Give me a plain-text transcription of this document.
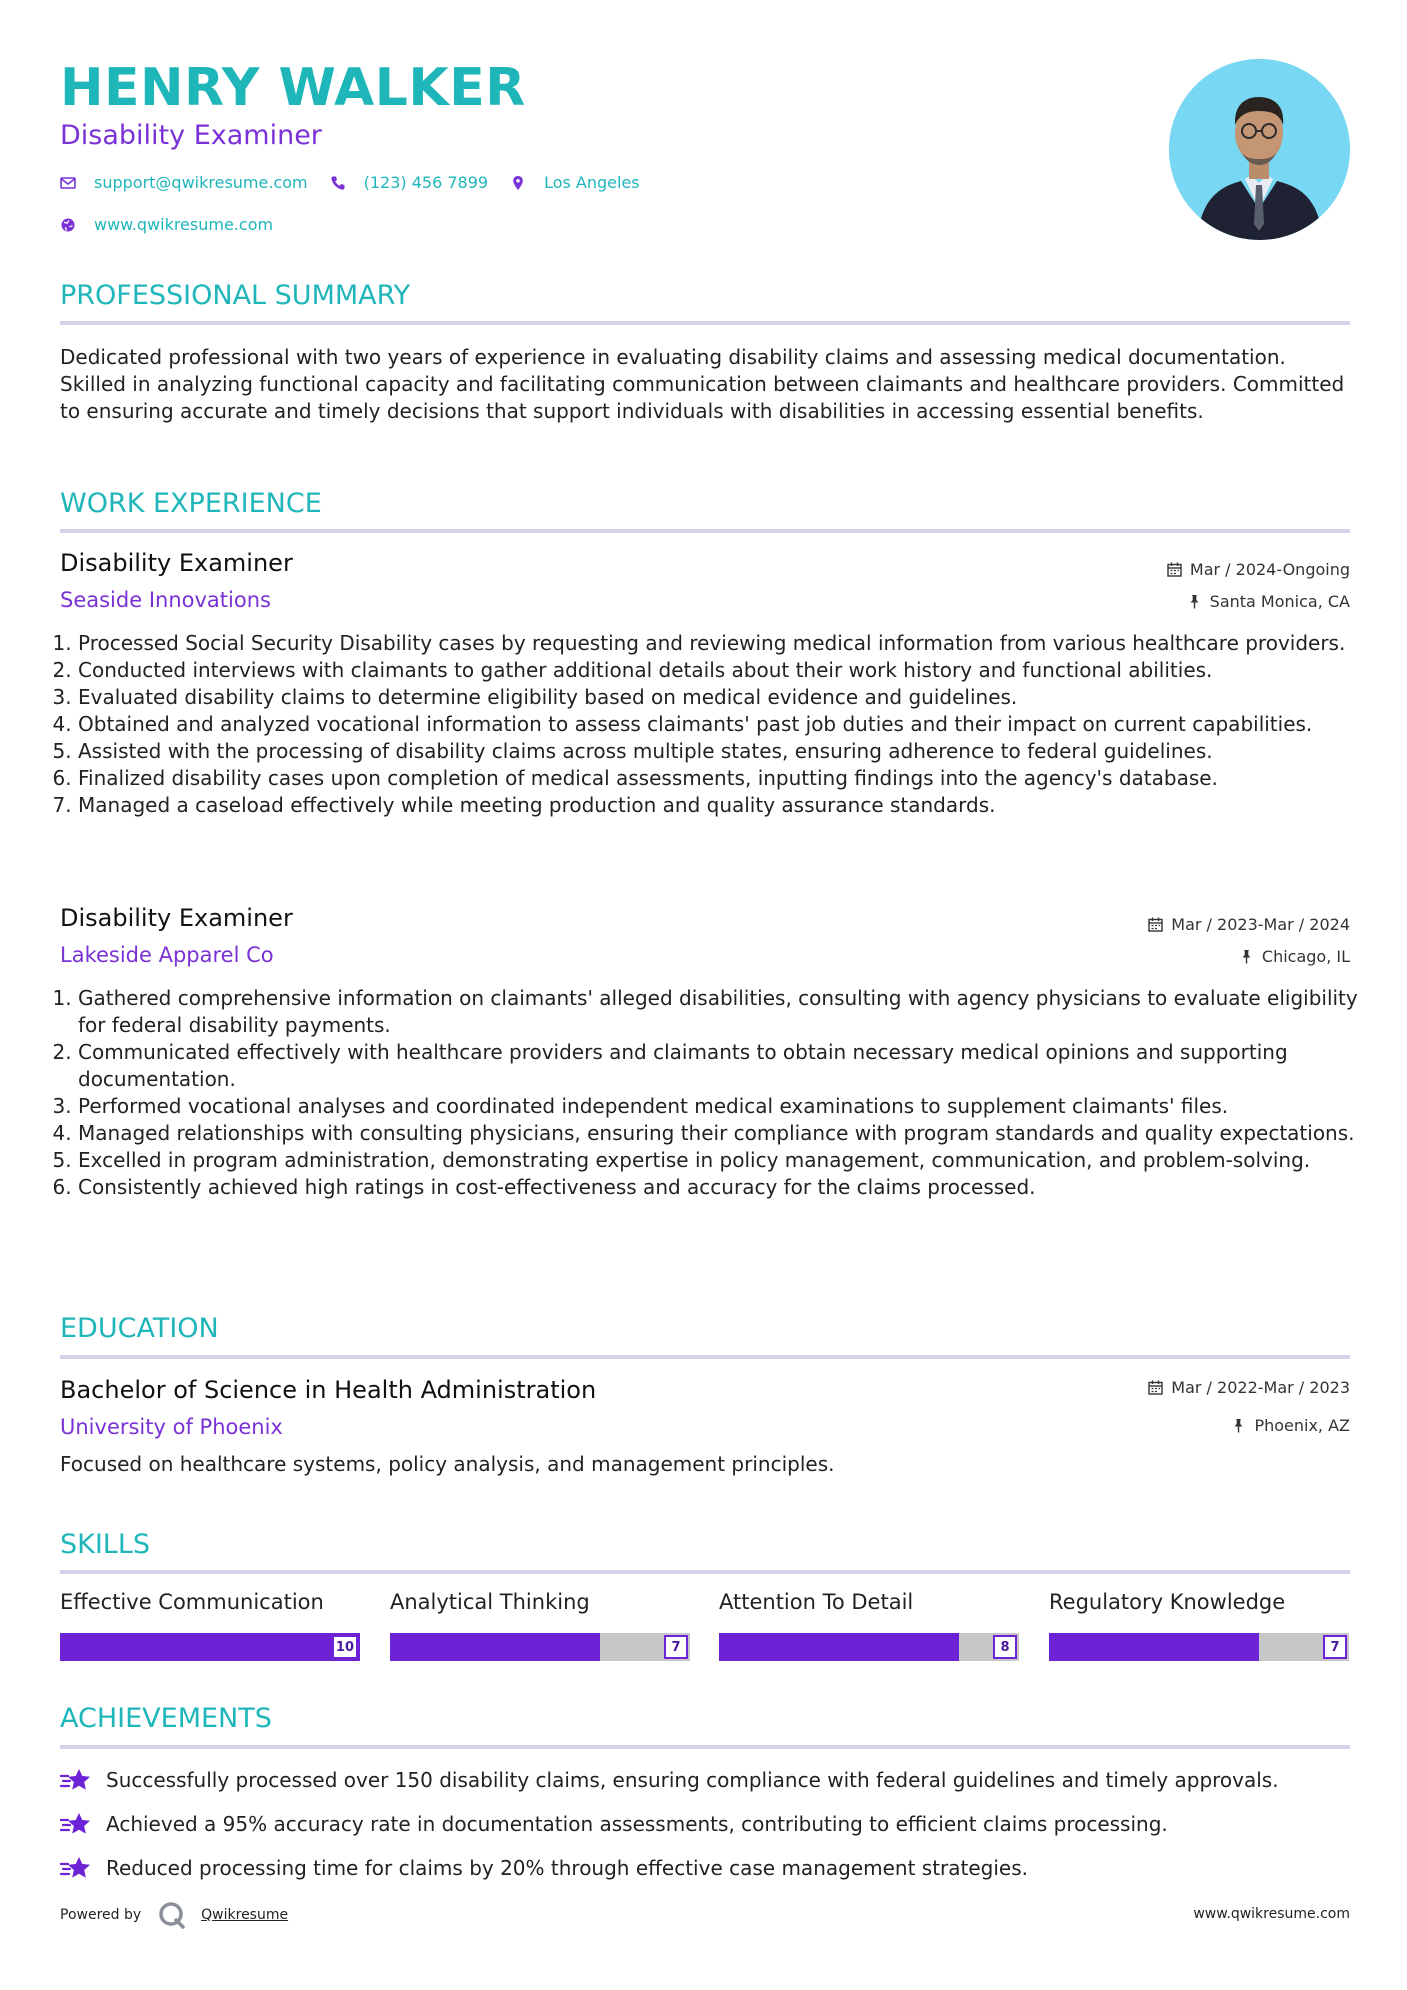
HENRY WALKER
Disability Examiner
support@qwikresume.com	(123) 456 7899	Los Angeles
www.qwikresume.com
PROFESSIONAL SUMMARY
Dedicated professional with two years of experience in evaluating disability claims and assessing medical documentation. Skilled in analyzing functional capacity and facilitating communication between claimants and healthcare providers. Committed to ensuring accurate and timely decisions that support individuals with disabilities in accessing essential benefits.
WORK EXPERIENCE
Disability Examiner
Seaside Innovations
Mar / 2024-Ongoing
Santa Monica, CA
1. Processed Social Security Disability cases by requesting and reviewing medical information from various healthcare providers.
2. Conducted interviews with claimants to gather additional details about their work history and functional abilities.
3. Evaluated disability claims to determine eligibility based on medical evidence and guidelines.
4. Obtained and analyzed vocational information to assess claimants' past job duties and their impact on current capabilities.
5. Assisted with the processing of disability claims across multiple states, ensuring adherence to federal guidelines.
6. Finalized disability cases upon completion of medical assessments, inputting findings into the agency's database.
7. Managed a caseload effectively while meeting production and quality assurance standards.
Disability Examiner
Lakeside Apparel Co
Mar / 2023-Mar / 2024
Chicago, IL
1. Gathered comprehensive information on claimants' alleged disabilities, consulting with agency physicians to evaluate eligibility for federal disability payments.
2. Communicated effectively with healthcare providers and claimants to obtain necessary medical opinions and supporting documentation.
3. Performed vocational analyses and coordinated independent medical examinations to supplement claimants' files.
4. Managed relationships with consulting physicians, ensuring their compliance with program standards and quality expectations.
5. Excelled in program administration, demonstrating expertise in policy management, communication, and problem-solving.
6. Consistently achieved high ratings in cost-effectiveness and accuracy for the claims processed.
EDUCATION
Bachelor of Science in Health Administration
University of Phoenix
Mar / 2022-Mar / 2023
Phoenix, AZ
Focused on healthcare systems, policy analysis, and management principles.
SKILLS
Effective Communication
10
Analytical Thinking
7
Attention To Detail
8
Regulatory Knowledge
7
ACHIEVEMENTS
Successfully processed over 150 disability claims, ensuring compliance with federal guidelines and timely approvals.
Achieved a 95% accuracy rate in documentation assessments, contributing to efficient claims processing.
Reduced processing time for claims by 20% through effective case management strategies.
Powered by	Qwikresume	www.qwikresume.com
